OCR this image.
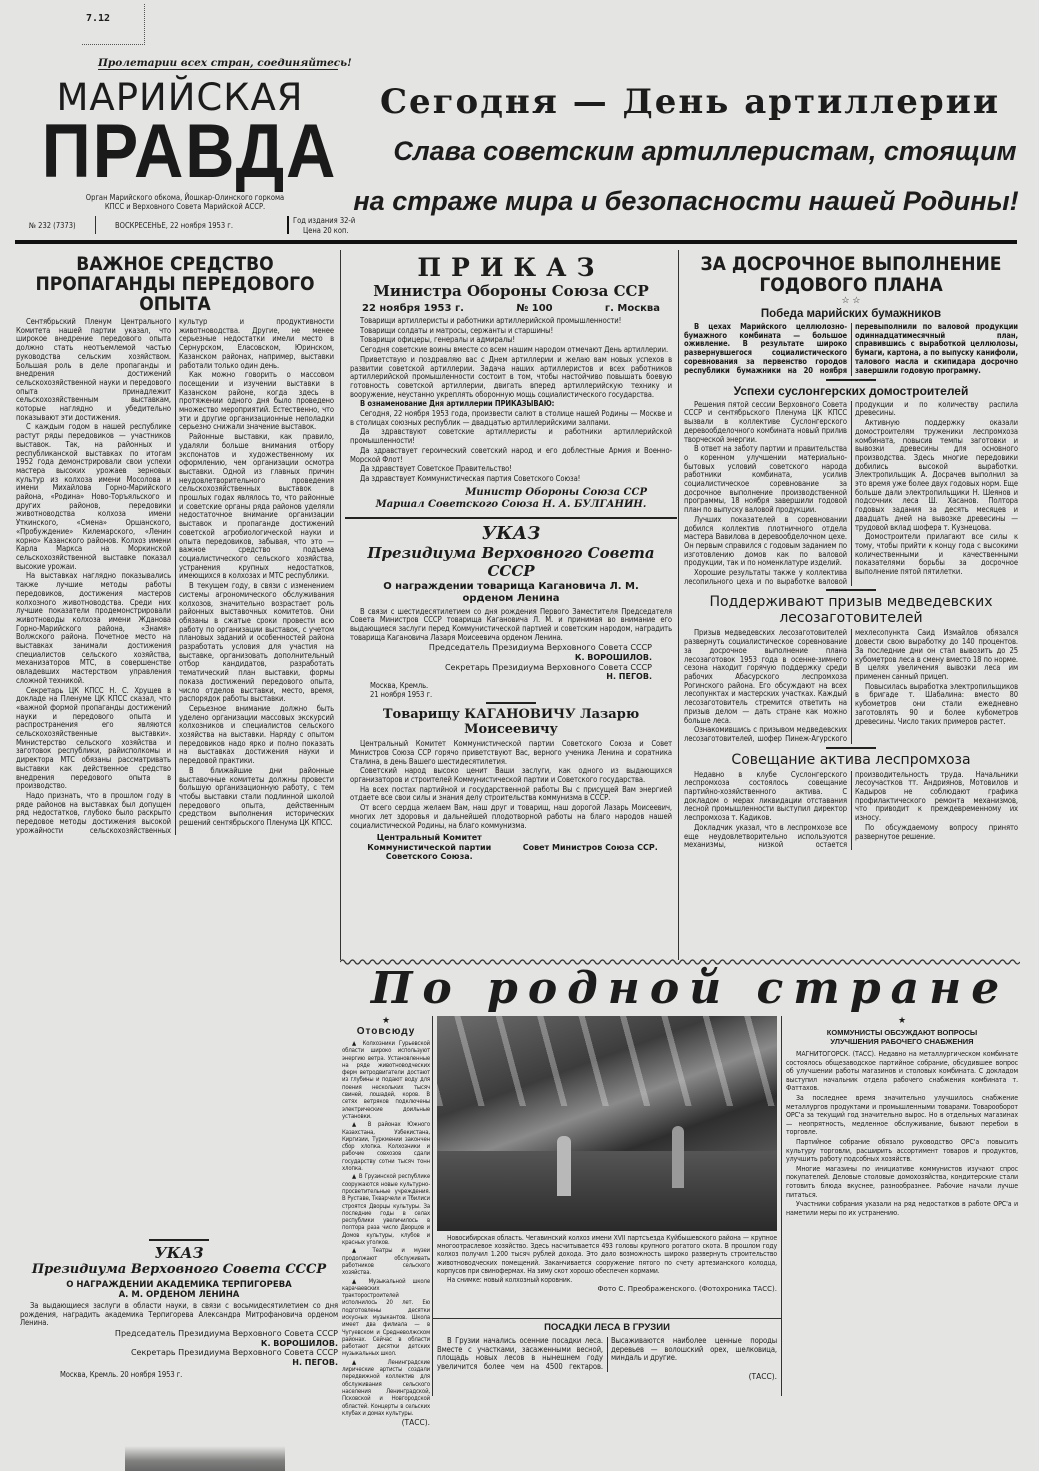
7.12
Пролетарии всех стран, соединяйтесь!
МАРИЙСКАЯ
ПРАВДА
Орган Марийского обкома, Йошкар-Олинского горкома КПСС и Верховного Совета Марийской АССР.
№ 232 (7373)	ВОСКРЕСЕНЬЕ, 22 ноября 1953 г.
Год издания 32-й
Цена 20 коп.
Сегодня — День артиллерии
Слава советским артиллеристам, стоящим
на страже мира и безопасности нашей Родины!
ВАЖНОЕ СРЕДСТВО ПРОПАГАНДЫ ПЕРЕДОВОГО ОПЫТА

Сентябрьский Пленум Центрального Комитета нашей партии указал, что широкое внедрение передового опыта должно стать неотъемлемой частью руководства сельским хозяйством. Большая роль в деле пропаганды и внедрения достижений сельскохозяйственной науки и передового опыта принадлежит сельскохозяйственным выставкам, которые наглядно и убедительно показывают эти достижения.

С каждым годом в нашей республике растут ряды передовиков — участников выставок. Так, на районных и республиканской выставках по итогам 1952 года демонстрировали свои успехи мастера высоких урожаев зерновых культур из колхоза имени Мосолова и имени Михайлова Горно-Марийского района, «Родина» Ново-Торъяльского и других районов, передовики животноводства колхоза имени Уткинского, «Смена» Оршанского, «Пробуждение» Килемарского, «Ленин корно» Казанского районов. Колхоз имени Карла Маркса на Моркинской сельскохозяйственной выставке показал высокие урожаи.

На выставках наглядно показывались также лучшие методы работы передовиков, достижения мастеров колхозного животноводства. Среди них лучшие показатели продемонстрировали животноводы колхоза имени Ждановa Горно-Марийского района, «Знамя» Волжского района. Почетное место на выставках занимали достижения специалистов сельского хозяйства, механизаторов МТС, в совершенстве овладевших мастерством управления сложной техникой.

Секретарь ЦК КПСС Н. С. Хрущев в докладе на Пленуме ЦК КПСС сказал, что «важной формой пропаганды достижений науки и передового опыта и распространения его являются сельскохозяйственные выставки». Министерство сельского хозяйства и заготовок республики, райисполкомы и директора МТС обязаны рассматривать выставки как действенное средство внедрения передового опыта в производство.

Надо признать, что в прошлом году в ряде районов на выставках был допущен ряд недостатков, глубоко было раскрыто передовое методы достижения высокой урожайности сельскохозяйственных культур и продуктивности животноводства. Другие, не менее серьезные недостатки имели место в Сернурском, Еласовском, Юринском, Казанском районах, например, выставки работали только один день.

Как можно говорить о массовом посещении и изучении выставки в Казанском районе, когда здесь в протяжении одного дня было проведено множество мероприятий. Естественно, что эти и другие организационные неполадки серьезно снижали значение выставок.

Районные выставки, как правило, удаляли больше внимания отбору экспонатов и художественному их оформлению, чем организации осмотра выставки. Одной из главных причин неудовлетворительного проведения сельскохозяйственных выставок в прошлых годах являлось то, что районные и советские органы ряда районов уделяли недостаточное внимание организации выставок и пропаганде достижений советской агробиологической науки и опыта передовиков, забывая, что это — важное средство подъема социалистического сельского хозяйства, устранения крупных недостатков, имеющихся в колхозах и МТС республики.

В текущем году, в связи с изменением системы агрономического обслуживания колхозов, значительно возрастает роль районных выставочных комитетов. Они обязаны в сжатые сроки провести всю работу по организации выставок, с учетом плановых заданий и особенностей района разработать условия для участия на выставке, организовать дополнительный отбор кандидатов, разработать тематический план выставки, формы показа достижений передового опыта, число отделов выставки, место, время, распорядок работы выставки.

Серьезное внимание должно быть уделено организации массовых экскурсий колхозников и специалистов сельского хозяйства на выставки. Наряду с опытом передовиков надо ярко и полно показать на выставках достижения науки и передовой практики.

В ближайшие дни районные выставочные комитеты должны провести большую организационную работу, с тем чтобы выставки стали подлинной школой передового опыта, действенным средством выполнения исторических решений сентябрьского Пленума ЦК КПСС.

УКАЗ
Президиума Верховного Совета СССР
О НАГРАЖДЕНИИ АКАДЕМИКА ТЕРПИГОРЕВА А. М. ОРДЕНОМ ЛЕНИНА

За выдающиеся заслуги в области науки, в связи с восьмидесятилетием со дня рождения, наградить академика Терпигорева Александра Митрофановича орденом Ленина.

Председатель Президиума Верховного Совета СССР
К. ВОРОШИЛОВ.
Секретарь Президиума Верховного Совета СССР
Н. ПЕГОВ.
Москва, Кремль. 20 ноября 1953 г.
ПРИКАЗ
Министра Обороны Союза ССР
22 ноября 1953 г.	№ 100	г. Москва

Товарищи артиллеристы и работники артиллерийской промышленности!

Товарищи солдаты и матросы, сержанты и старшины!

Товарищи офицеры, генералы и адмиралы!

Сегодня советские воины вместе со всем нашим народом отмечают День артиллерии.

Приветствую и поздравляю вас с Днем артиллерии и желаю вам новых успехов в развитии советской артиллерии. Задача наших артиллеристов и всех работников артиллерийской промышленности состоит в том, чтобы настойчиво повышать боевую готовность советской артиллерии, двигать вперед артиллерийскую технику и вооружение, неустанно укреплять оборонную мощь социалистического государства.

В ознаменование Дня артиллерии ПРИКАЗЫВАЮ:

Сегодня, 22 ноября 1953 года, произвести салют в столице нашей Родины — Москве и в столицах союзных республик — двадцатью артиллерийскими залпами.

Да здравствуют советские артиллеристы и работники артиллерийской промышленности!

Да здравствует героический советский народ и его доблестные Армия и Военно-Морской Флот!

Да здравствует Советское Правительство!

Да здравствует Коммунистическая партия Советского Союза!

Министр Обороны Союза ССР
Маршал Советского Союза Н. А. БУЛГАНИН.
УКАЗ
Президиума Верховного Совета СССР
О награждении товарища Кагановича Л. М. орденом Ленина

В связи с шестидесятилетием со дня рождения Первого Заместителя Председателя Совета Министров СССР товарища Кагановича Л. М. и принимая во внимание его выдающиеся заслуги перед Коммунистической партией и советским народом, наградить товарища Кагановича Лазаря Моисеевича орденом Ленина.

Председатель Президиума Верховного Совета СССР
К. ВОРОШИЛОВ.
Секретарь Президиума Верховного Совета СССР
Н. ПЕГОВ.
Москва, Кремль.
21 ноября 1953 г.
Товарищу КАГАНОВИЧУ Лазарю Моисеевичу

Центральный Комитет Коммунистической партии Советского Союза и Совет Министров Союза ССР горячо приветствуют Вас, верного ученика Ленина и соратника Сталина, в день Вашего шестидесятилетия.

Советский народ высоко ценит Ваши заслуги, как одного из выдающихся организаторов и строителей Коммунистической партии и Советского государства.

На всех постах партийной и государственной работы Вы с присущей Вам энергией отдаете все свои силы и знания делу строительства коммунизма в СССР.

От всего сердца желаем Вам, наш друг и товарищ, наш дорогой Лазарь Моисеевич, многих лет здоровья и дальнейшей плодотворной работы на благо народов нашей социалистической Родины, на благо коммунизма.

Центральный Комитет Коммунистической партии Советского Союза.
Совет Министров Союза ССР.
ЗА ДОСРОЧНОЕ ВЫПОЛНЕНИЕ ГОДОВОГО ПЛАНА
☆ ☆
Победа марийских бумажников

В цехах Марийского целлюлозно-бумажного комбината — большое оживление. В результате широко развернувшегося социалистического соревнования за первенство городов республики бумажники на 20 ноября перевыполнили по валовой продукции одиннадцатимесячный план, справившись с выработкой целлюлозы, бумаги, картона, а по выпуску канифоли, талового масла и скипидара досрочно завершили годовую программу.

Успехи суслонгерских домостроителей

Решения пятой сессии Верховного Совета СССР и сентябрьского Пленума ЦК КПСС вызвали в коллективе Суслонгерского деревообделочного комбината новый прилив творческой энергии.

В ответ на заботу партии и правительства о коренном улучшении материально-бытовых условий советского народа работники комбината, усилив социалистическое соревнование за досрочное выполнение производственной программы, 18 ноября завершили годовой план по выпуску валовой продукции.

Лучших показателей в соревновании добился коллектив плотничного отдела мастера Вавилова в деревообделочном цехе. Он первым справился с годовым заданием по изготовлению домов как по валовой продукции, так и по номенклатуре изделий.

Хорошие результаты также у коллектива лесопильного цеха и по выработке валовой продукции и по количеству распила древесины.

Активную поддержку оказали домостроителям труженики леспромхоза комбината, повысив темпы заготовки и вывозки древесины для основного производства. Здесь многие передовики добились высокой выработки. Электропильщик А. Досрачев выполнил за это время уже более двух годовых норм. Еще больше дали электропильщики Н. Шеянов и подсочник леса Ш. Хасанов. Полтора годовых задания за десять месяцев и двадцать дней на вывозке древесины — трудовой вклад шофера т. Кузнецова.

Домостроители прилагают все силы к тому, чтобы прийти к концу года с высокими количественными и качественными показателями борьбы за досрочное выполнение пятой пятилетки.

Поддерживают призыв медведевских лесозаготовителей

Призыв медведевских лесозаготовителей развернуть социалистическое соревнование за досрочное выполнение плана лесозаготовок 1953 года в осенне-зимнего сезона находит горячую поддержку среди рабочих Абасурского леспромхоза Рогинского района. Его обсуждают на всех лесопунктах и мастерских участках. Каждый лесозаготовитель стремится ответить на призыв делом — дать стране как можно больше леса.

Ознакомившись с призывом медведевских лесозаготовителей, шофер Пинеж-Агурского мехлесопункта Саид Измайлов обязался довести свою выработку до 140 процентов. За последние дни он стал вывозить до 25 кубометров леса в смену вместо 18 по норме. В целях увеличения вывозки леса им применен санный прицеп.

Повысилась выработка электропильщиков в бригаде т. Шабалина: вместо 80 кубометров они стали ежедневно заготовлять 90 и более кубометров древесины. Число таких примеров растет.

Совещание актива леспромхоза

Недавно в клубе Суслонгерского леспромхоза состоялось совещание партийно-хозяйственного актива. С докладом о мерах ликвидации отставания лесной промышленности выступил директор леспромхоза т. Кадиков.

Докладчик указал, что в леспромхозе все еще неудовлетворительно используются механизмы, низкой остается производительность труда. Начальники лесоучастков тт. Андриянов, Мотовилов и Кадыров не соблюдают графика профилактического ремонта механизмов, что приводит к преждевременному их износу.

По обсуждаемому вопросу принято развернутое решение.

По родной стране
★
Отовсюду

▲ Колхозники Гурьевской области широко используют энергию ветра. Установленные на ряде животноводческих ферм ветродвигатели достают из глубины и подают воду для поения нескольких тысяч свиней, лошадей, коров. В сетях ветряков подключены электрические доильные установки.

▲ В районах Южного Казахстана, Узбекистана, Киргизии, Туркмении закончен сбор хлопка. Колхозники и рабочие совхозов сдали государству сотни тысяч тонн хлопка.

▲ В Грузинской республике сооружаются новые культурно-просветительные учреждения. В Руставе, Ткварчели и Тбилиси строятся Дворцы культуры. За последние годы в селах республики увеличилось в полтора раза число Дворцов и Домов культуры, клубов и красных уголков.

▲ Театры и музеи продолжают обслуживать работников сельского хозяйства.

▲ Музыкальной школе карачаевских тракторостроителей исполнилось 20 лет. Ею подготовлены десятки искусных музыкантов. Школа имеет два филиала — в Чугуевском и Средневолжском районах. Сейчас в области работают десятки детских музыкальных школ.

▲ Ленинградские лирические артисты создали передвижной коллектив для обслуживания сельского населения Ленинградской, Псковской и Новгородской областей. Концерты в сельских клубах и домах культуры.

(ТАСС).

Новосибирская область. Чегавинский колхоз имени XVII партсъезда Куйбышевского района — крупное многоотраслевое хозяйство. Здесь насчитывается 493 головы крупного рогатого скота. В прошлом году колхоз получил 1.200 тысяч рублей дохода. Это дало возможность широко развернуть строительство животноводческих помещений. Заканчивается сооружение пятого по счету артезианского колодца, корпусов при свинофермах. На зиму скот хорошо обеспечен кормами.

На снимке: новый колхозный коровник.

Фото С. Преображенского. (Фотохроника ТАСС).
ПОСАДКИ ЛЕСА В ГРУЗИИ

В Грузии начались осенние посадки леса. Вместе с участками, засаженными весной, площадь новых лесов в нынешнем году увеличится более чем на 4500 гектаров. Высаживаются наиболее ценные породы деревьев — волошский орех, шелковица, миндаль и другие.

(ТАСС).
★
КОММУНИСТЫ ОБСУЖДАЮТ ВОПРОСЫ УЛУЧШЕНИЯ РАБОЧЕГО СНАБЖЕНИЯ

МАГНИТОГОРСК. (ТАСС). Недавно на металлургическом комбинате состоялось общезаводское партийное собрание, обсудившее вопрос об улучшении работы магазинов и столовых комбината. С докладом выступил начальник отдела рабочего снабжения комбината т. Фаттахов.

За последнее время значительно улучшилось снабжение металлургов продуктами и промышленными товарами. Товарооборот ОРС'а за текущий год значительно вырос. Но в отдельных магазинах — неопрятность, медленное обслуживание, бывают перебои в торговле.

Партийное собрание обязало руководство ОРС'а повысить культуру торговли, расширить ассортимент товаров и продуктов, улучшить работу подсобных хозяйств.

Многие магазины по инициативе коммунистов изучают спрос покупателей. Деловые столовые домохозяйства, кондитерские стали готовить блюда вкуснее, разнообразнее. Рабочие начали лучше питаться.

Участники собрания указали на ряд недостатков в работе ОРС'а и наметили меры по их устранению.
